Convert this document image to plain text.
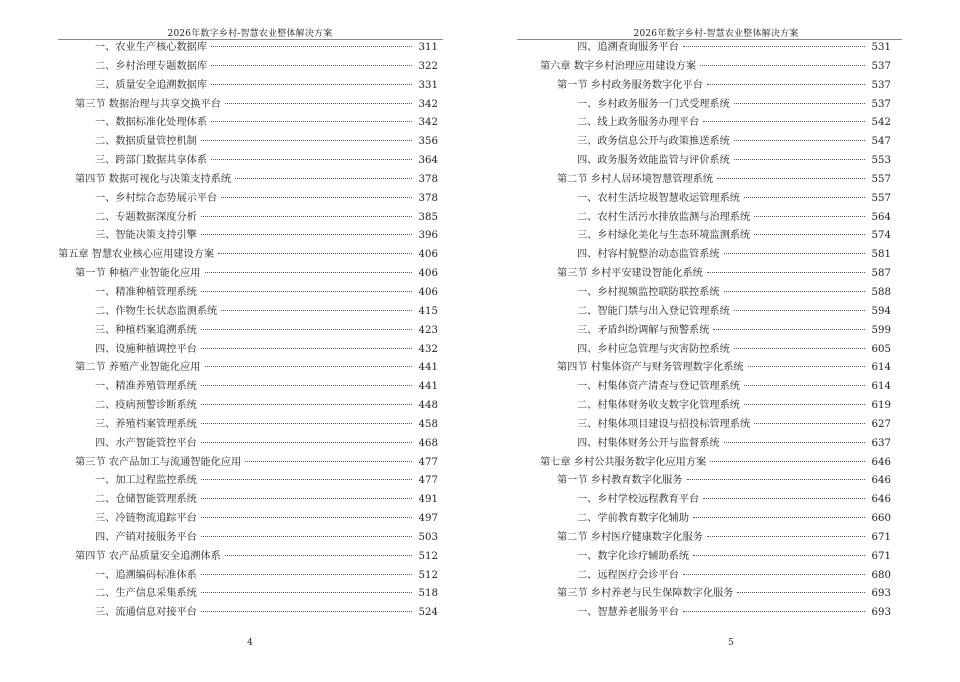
2026年数字乡村-智慧农业整体解决方案
一、农业生产核心数据库	311
二、乡村治理专题数据库	322
三、质量安全追溯数据库	331
第三节 数据治理与共享交换平台	342
一、数据标准化处理体系	342
二、数据质量管控机制	356
三、跨部门数据共享体系	364
第四节 数据可视化与决策支持系统	378
一、乡村综合态势展示平台	378
二、专题数据深度分析	385
三、智能决策支持引擎	396
第五章 智慧农业核心应用建设方案	406
第一节 种植产业智能化应用	406
一、精准种植管理系统	406
二、作物生长状态监测系统	415
三、种植档案追溯系统	423
四、设施种植调控平台	432
第二节 养殖产业智能化应用	441
一、精准养殖管理系统	441
二、疫病预警诊断系统	448
三、养殖档案管理系统	458
四、水产智能管控平台	468
第三节 农产品加工与流通智能化应用	477
一、加工过程监控系统	477
二、仓储智能管理系统	491
三、冷链物流追踪平台	497
四、产销对接服务平台	503
第四节 农产品质量安全追溯体系	512
一、追溯编码标准体系	512
二、生产信息采集系统	518
三、流通信息对接平台	524
4
2026年数字乡村-智慧农业整体解决方案
四、追溯查询服务平台	531
第六章 数字乡村治理应用建设方案	537
第一节 乡村政务服务数字化平台	537
一、乡村政务服务一门式受理系统	537
二、线上政务服务办理平台	542
三、政务信息公开与政策推送系统	547
四、政务服务效能监管与评价系统	553
第二节 乡村人居环境智慧管理系统	557
一、农村生活垃圾智慧收运管理系统	557
二、农村生活污水排放监测与治理系统	564
三、乡村绿化美化与生态环境监测系统	574
四、村容村貌整治动态监管系统	581
第三节 乡村平安建设智能化系统	587
一、乡村视频监控联防联控系统	588
二、智能门禁与出入登记管理系统	594
三、矛盾纠纷调解与预警系统	599
四、乡村应急管理与灾害防控系统	605
第四节 村集体资产与财务管理数字化系统	614
一、村集体资产清查与登记管理系统	614
二、村集体财务收支数字化管理系统	619
三、村集体项目建设与招投标管理系统	627
四、村集体财务公开与监督系统	637
第七章 乡村公共服务数字化应用方案	646
第一节 乡村教育数字化服务	646
一、乡村学校远程教育平台	646
二、学前教育数字化辅助	660
第二节 乡村医疗健康数字化服务	671
一、数字化诊疗辅助系统	671
二、远程医疗会诊平台	680
第三节 乡村养老与民生保障数字化服务	693
一、智慧养老服务平台	693
5
